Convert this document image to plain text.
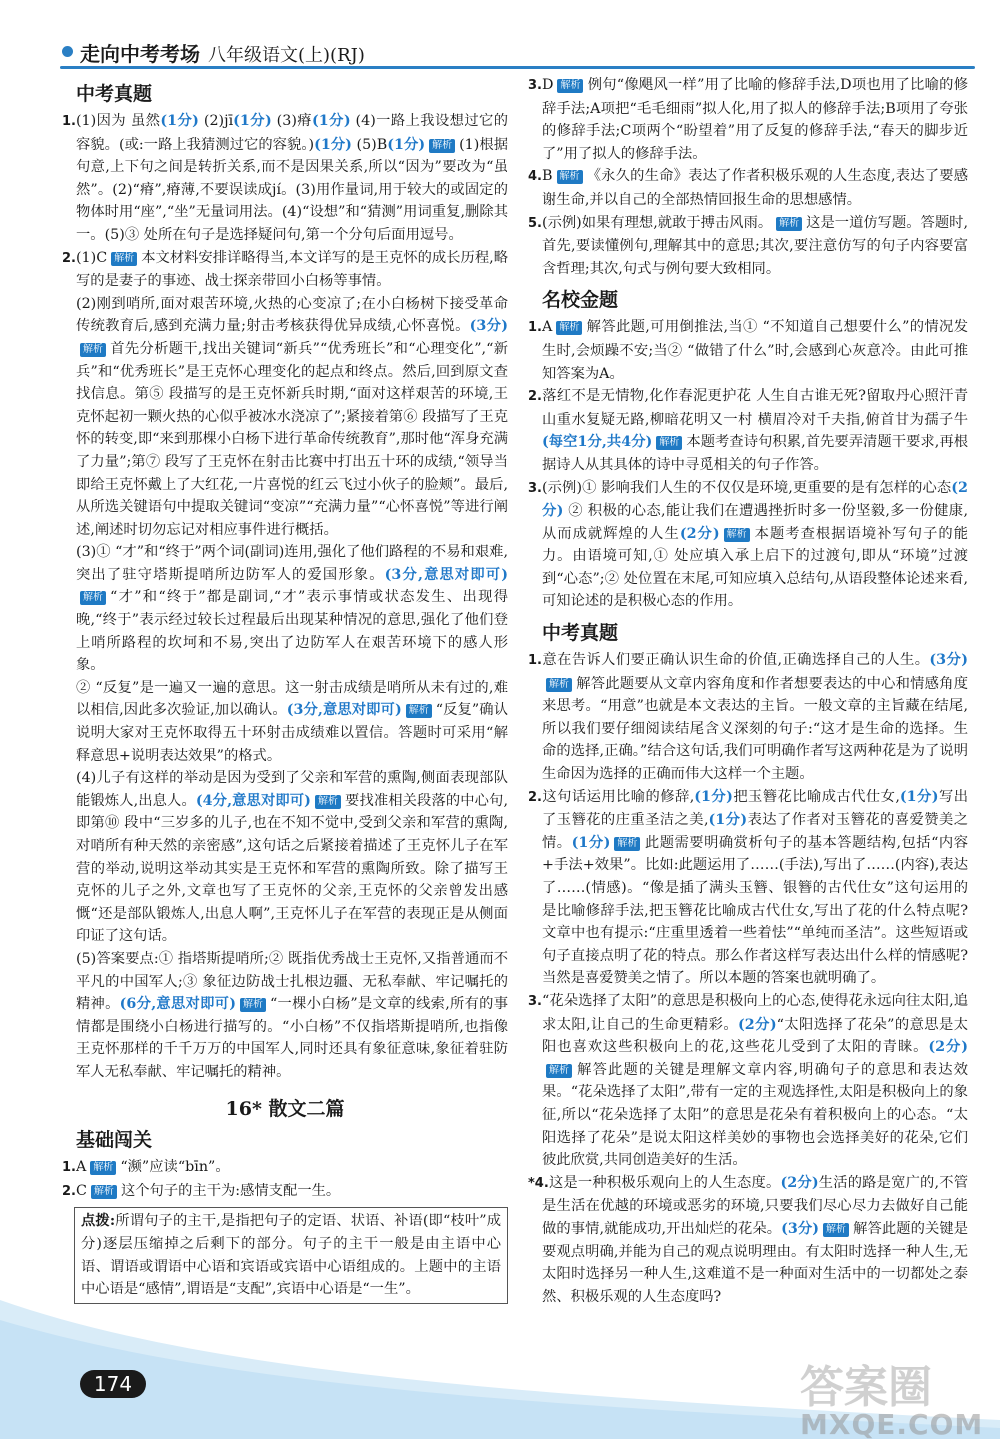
走向中考考场 八年级语文(上)(RJ)
中考真题

1.(1)因为 虽然(1分) (2)jī(1分) (3)瘠(1分) (4)一路上我设想过它的容貌。(或:一路上我猜测过它的容貌。)(1分) (5)B(1分) 解析 (1)根据句意,上下句之间是转折关系,而不是因果关系,所以“因为”要改为“虽然”。(2)“瘠”,瘠薄,不要误读成jí。(3)用作量词,用于较大的或固定的物体时用“座”,“坐”无量词用法。(4)“设想”和“猜测”用词重复,删除其一。(5)③ 处所在句子是选择疑问句,第一个分句后面用逗号。

2.(1)C 解析 本文材料安排详略得当,本文详写的是王克怀的成长历程,略写的是妻子的事迹、战士探亲带回小白杨等事情。

(2)刚到哨所,面对艰苦环境,火热的心变凉了;在小白杨树下接受革命传统教育后,感到充满力量;射击考核获得优异成绩,心怀喜悦。(3分)解析 首先分析题干,找出关键词“新兵”“优秀班长”和“心理变化”,“新兵”和“优秀班长”是王克怀心理变化的起点和终点。然后,回到原文查找信息。第⑤ 段描写的是王克怀新兵时期,“面对这样艰苦的环境,王克怀起初一颗火热的心似乎被冰水浇凉了”;紧接着第⑥ 段描写了王克怀的转变,即“来到那棵小白杨下进行革命传统教育”,那时他“浑身充满了力量”;第⑦ 段写了王克怀在射击比赛中打出五十环的成绩,“领导当即给王克怀戴上了大红花,一片喜悦的红云飞过小伙子的脸颊”。最后,从所选关键语句中提取关键词“变凉”“充满力量”“心怀喜悦”等进行阐述,阐述时切勿忘记对相应事件进行概括。

(3)① “才”和“终于”两个词(副词)连用,强化了他们路程的不易和艰难,突出了驻守塔斯提哨所边防军人的爱国形象。(3分,意思对即可)解析 “才”和“终于”都是副词,“才”表示事情或状态发生、出现得晚,“终于”表示经过较长过程最后出现某种情况的意思,强化了他们登上哨所路程的坎坷和不易,突出了边防军人在艰苦环境下的感人形象。

② “反复”是一遍又一遍的意思。这一射击成绩是哨所从未有过的,难以相信,因此多次验证,加以确认。(3分,意思对即可) 解析 “反复”确认说明大家对王克怀取得五十环射击成绩难以置信。答题时可采用“解释意思+说明表达效果”的格式。

(4)儿子有这样的举动是因为受到了父亲和军营的熏陶,侧面表现部队能锻炼人,出息人。(4分,意思对即可) 解析 要找准相关段落的中心句,即第⑩ 段中“三岁多的儿子,也在不知不觉中,受到父亲和军营的熏陶,对哨所有种天然的亲密感”,这句话之后紧接着描述了王克怀儿子在军营的举动,说明这举动其实是王克怀和军营的熏陶所致。除了描写王克怀的儿子之外,文章也写了王克怀的父亲,王克怀的父亲曾发出感慨“还是部队锻炼人,出息人啊”,王克怀儿子在军营的表现正是从侧面印证了这句话。

(5)答案要点:① 指塔斯提哨所;② 既指优秀战士王克怀,又指普通而不平凡的中国军人;③ 象征边防战士扎根边疆、无私奉献、牢记嘱托的精神。(6分,意思对即可) 解析 “一棵小白杨”是文章的线索,所有的事情都是围绕小白杨进行描写的。“小白杨”不仅指塔斯提哨所,也指像王克怀那样的千千万万的中国军人,同时还具有象征意味,象征着驻防军人无私奉献、牢记嘱托的精神。

16* 散文二篇
基础闯关

1.A 解析 “濒”应读“bīn”。

2.C 解析 这个句子的主干为:感情支配一生。

点拨:所谓句子的主干,是指把句子的定语、状语、补语(即“枝叶”成分)逐层压缩掉之后剩下的部分。句子的主干一般是由主语中心语、谓语或谓语中心语和宾语或宾语中心语组成的。上题中的主语中心语是“感情”,谓语是“支配”,宾语中心语是“一生”。

3.D 解析 例句“像飓风一样”用了比喻的修辞手法,D项也用了比喻的修辞手法;A项把“毛毛细雨”拟人化,用了拟人的修辞手法;B项用了夸张的修辞手法;C项两个“盼望着”用了反复的修辞手法,“春天的脚步近了”用了拟人的修辞手法。

4.B 解析 《永久的生命》表达了作者积极乐观的人生态度,表达了要感谢生命,并以自己的全部热情回报生命的思想感情。

5.(示例)如果有理想,就敢于搏击风雨。 解析 这是一道仿写题。答题时,首先,要读懂例句,理解其中的意思;其次,要注意仿写的句子内容要富含哲理;其次,句式与例句要大致相同。

名校金题

1.A 解析 解答此题,可用倒推法,当① “不知道自己想要什么”的情况发生时,会烦躁不安;当② “做错了什么”时,会感到心灰意冷。由此可推知答案为A。

2.落红不是无情物,化作春泥更护花 人生自古谁无死?留取丹心照汗青 山重水复疑无路,柳暗花明又一村 横眉冷对千夫指,俯首甘为孺子牛(每空1分,共4分) 解析 本题考查诗句积累,首先要弄清题干要求,再根据诗人从其具体的诗中寻觅相关的句子作答。

3.(示例)① 影响我们人生的不仅仅是环境,更重要的是有怎样的心态(2分) ② 积极的心态,能让我们在遭遇挫折时多一份坚毅,多一份健康,从而成就辉煌的人生(2分) 解析 本题考查根据语境补写句子的能力。由语境可知,① 处应填入承上启下的过渡句,即从“环境”过渡到“心态”;② 处位置在末尾,可知应填入总结句,从语段整体论述来看,可知论述的是积极心态的作用。

中考真题

1.意在告诉人们要正确认识生命的价值,正确选择自己的人生。(3分)解析 解答此题要从文章内容角度和作者想要表达的中心和情感角度来思考。“用意”也就是本文表达的主旨。一般文章的主旨藏在结尾,所以我们要仔细阅读结尾含义深刻的句子:“这才是生命的选择。生命的选择,正确。”结合这句话,我们可明确作者写这两种花是为了说明生命因为选择的正确而伟大这样一个主题。

2.这句话运用比喻的修辞,(1分)把玉簪花比喻成古代仕女,(1分)写出了玉簪花的庄重圣洁之美,(1分)表达了作者对玉簪花的喜爱赞美之情。(1分) 解析 此题需要明确赏析句子的基本答题结构,包括“内容+手法+效果”。比如:此题运用了……(手法),写出了……(内容),表达了……(情感)。“像是插了满头玉簪、银簪的古代仕女”这句运用的是比喻修辞手法,把玉簪花比喻成古代仕女,写出了花的什么特点呢?文章中也有提示:“庄重里透着一些着怯”“单纯而圣洁”。这些短语或句子直接点明了花的特点。那么作者这样写表达出什么样的情感呢?当然是喜爱赞美之情了。所以本题的答案也就明确了。

3.“花朵选择了太阳”的意思是积极向上的心态,使得花永远向往太阳,追求太阳,让自己的生命更精彩。(2分)“太阳选择了花朵”的意思是太阳也喜欢这些积极向上的花,这些花儿受到了太阳的青睐。(2分)解析 解答此题的关键是理解文章内容,明确句子的意思和表达效果。“花朵选择了太阳”,带有一定的主观选择性,太阳是积极向上的象征,所以“花朵选择了太阳”的意思是花朵有着积极向上的心态。“太阳选择了花朵”是说太阳这样美妙的事物也会选择美好的花朵,它们彼此欣赏,共同创造美好的生活。

*4.这是一种积极乐观向上的人生态度。(2分)生活的路是宽广的,不管是生活在优越的环境或恶劣的环境,只要我们尽心尽力去做好自己能做的事情,就能成功,开出灿烂的花朵。(3分) 解析 解答此题的关键是要观点明确,并能为自己的观点说明理由。有太阳时选择一种人生,无太阳时选择另一种人生,这难道不是一种面对生活中的一切都处之泰然、积极乐观的人生态度吗?

174	答案圈
MXQE.COM
